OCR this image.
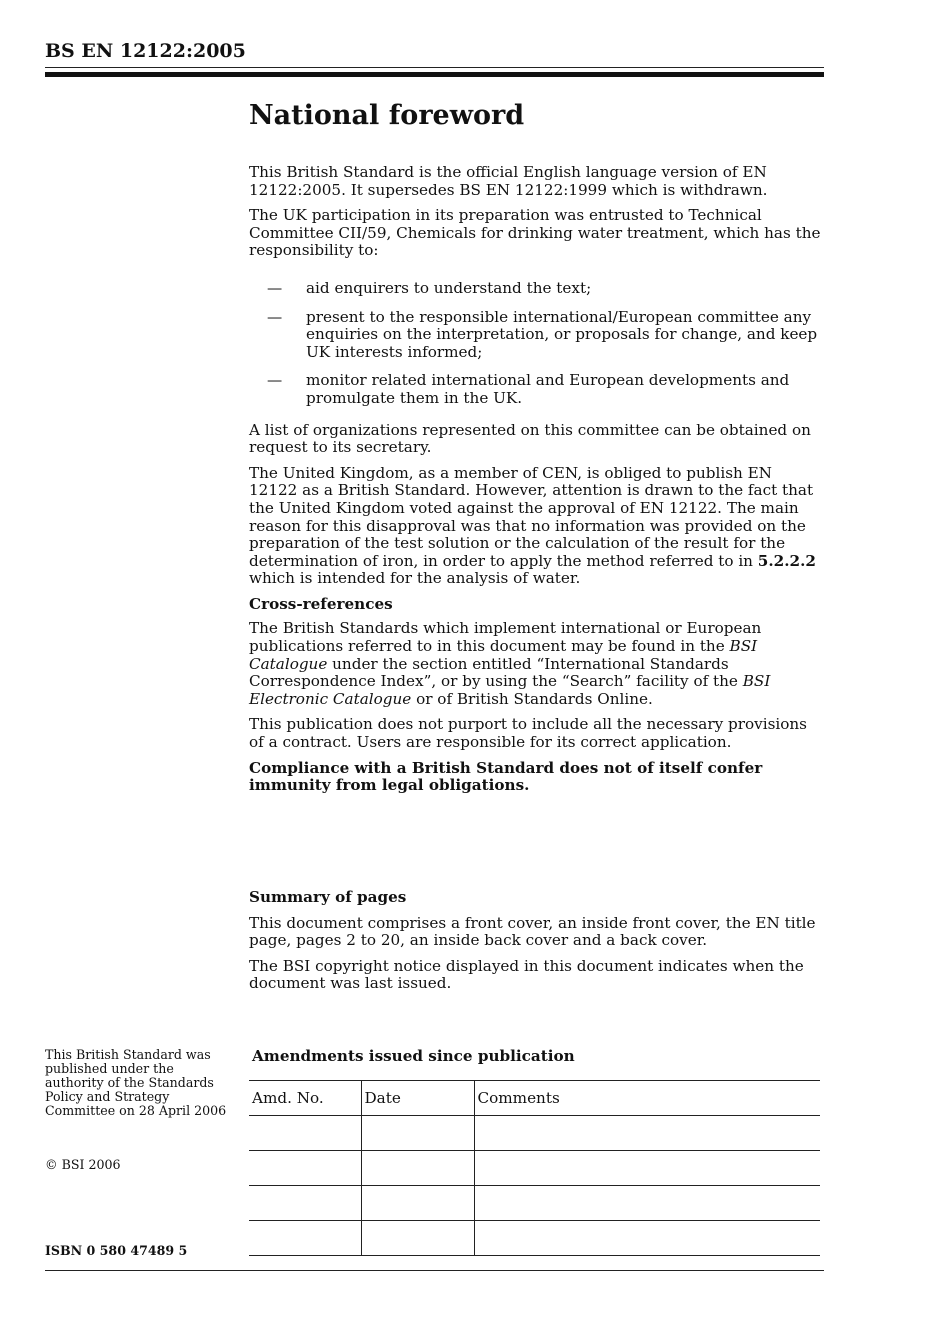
BS EN 12122:2005
National foreword

This British Standard is the official English language version of EN 12122:2005. It supersedes BS EN 12122:1999 which is withdrawn.

The UK participation in its preparation was entrusted to Technical Committee CII/59, Chemicals for drinking water treatment, which has the responsibility to:

— aid enquirers to understand the text;
— present to the responsible international/European committee any enquiries on the interpretation, or proposals for change, and keep UK interests informed;
— monitor related international and European developments and promulgate them in the UK.

A list of organizations represented on this committee can be obtained on request to its secretary.

The United Kingdom, as a member of CEN, is obliged to publish EN 12122 as a British Standard. However, attention is drawn to the fact that the United Kingdom voted against the approval of EN 12122. The main reason for this disapproval was that no information was provided on the preparation of the test solution or the calculation of the result for the determination of iron, in order to apply the method referred to in 5.2.2.2 which is intended for the analysis of water.

Cross-references

The British Standards which implement international or European publications referred to in this document may be found in the BSI Catalogue under the section entitled “International Standards Correspondence Index”, or by using the “Search” facility of the BSI Electronic Catalogue or of British Standards Online.

This publication does not purport to include all the necessary provisions of a contract. Users are responsible for its correct application.

Compliance with a British Standard does not of itself confer immunity from legal obligations.

Summary of pages

This document comprises a front cover, an inside front cover, the EN title page, pages 2 to 20, an inside back cover and a back cover.

The BSI copyright notice displayed in this document indicates when the document was last issued.

This British Standard was published under the authority of the Standards Policy and Strategy Committee on 28 April 2006
© BSI 2006
ISBN 0 580 47489 5
Amendments issued since publication
Amd. No.	Date	Comments
